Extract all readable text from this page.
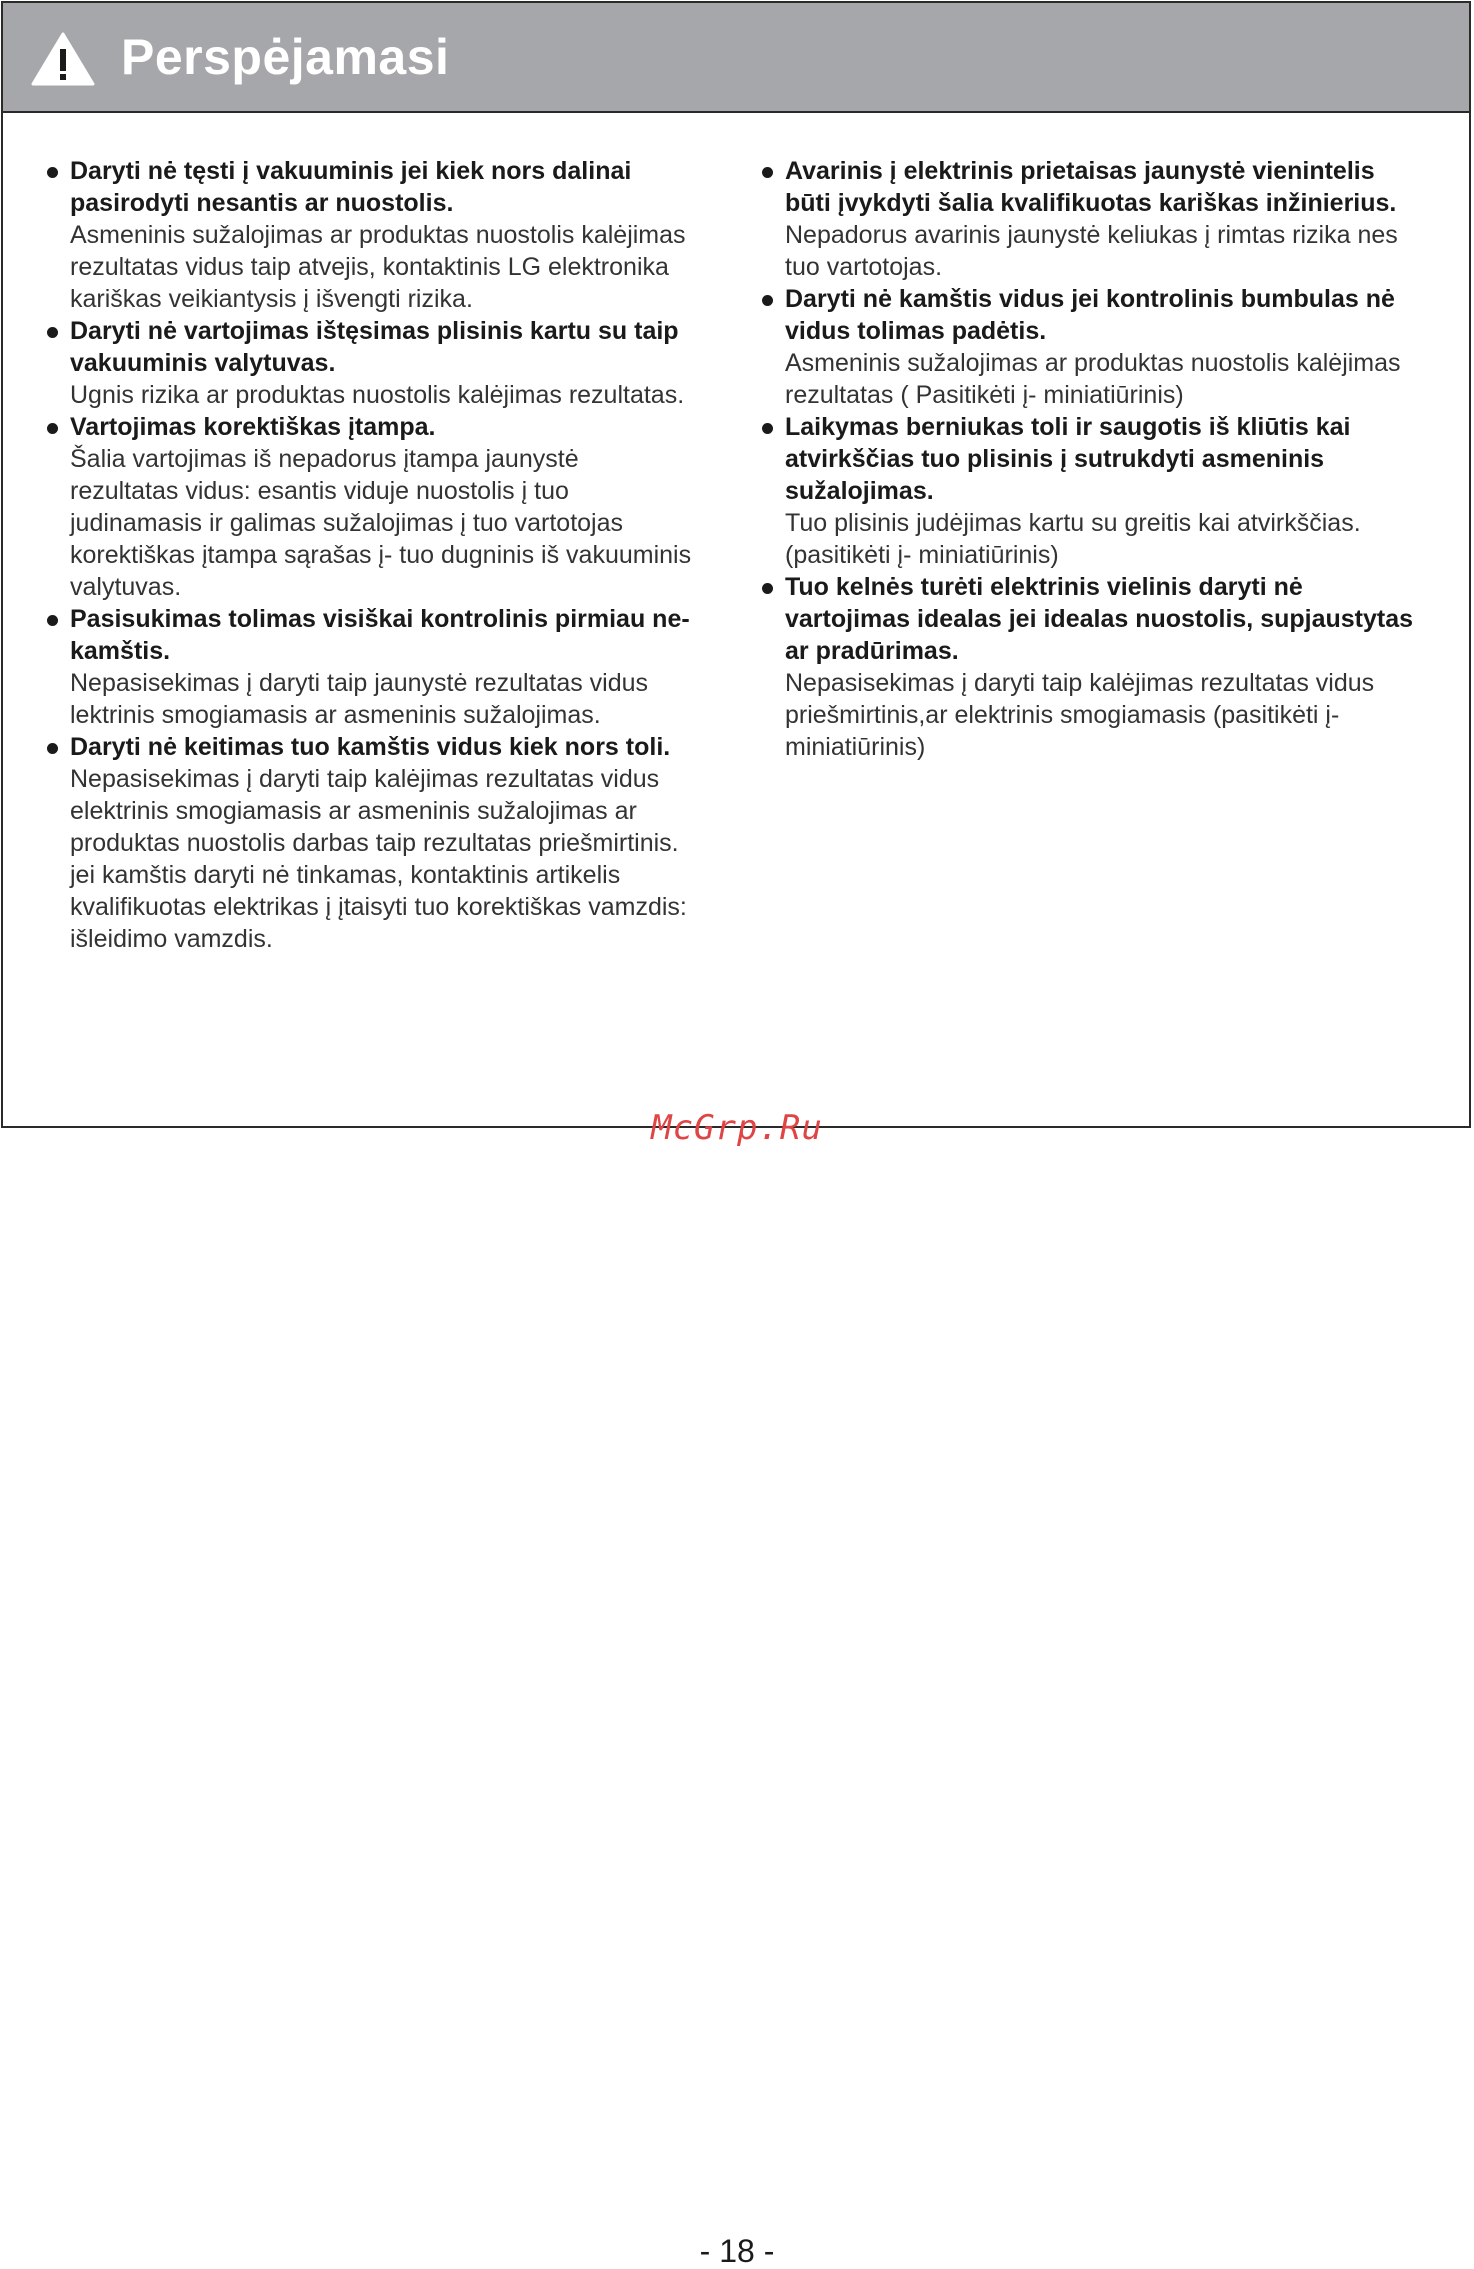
Perspėjamasi
Daryti nė tęsti į vakuuminis jei kiek nors dalinai pasirodyti nesantis ar nuostolis.
Asmeninis sužalojimas ar produktas nuostolis kalėjimas rezultatas vidus taip atvejis, kontaktinis LG elektronika kariškas veikiantysis į išvengti rizika.
Daryti nė vartojimas ištęsimas plisinis kartu su taip vakuuminis valytuvas.
Ugnis rizika ar produktas nuostolis kalėjimas rezultatas.
Vartojimas korektiškas įtampa.
Šalia vartojimas iš nepadorus įtampa jaunystė rezultatas vidus: esantis viduje nuostolis į tuo judinamasis ir galimas sužalojimas į tuo vartotojas korektiškas įtampa sąrašas į- tuo dugninis iš vakuuminis valytuvas.
Pasisukimas tolimas visiškai kontrolinis pirmiau ne-kamštis.
Nepasisekimas į daryti taip jaunystė rezultatas vidus lektrinis smogiamasis ar asmeninis sužalojimas.
Daryti nė keitimas tuo kamštis vidus kiek nors toli.
Nepasisekimas į daryti taip kalėjimas rezultatas vidus elektrinis smogiamasis ar asmeninis sužalojimas ar produktas nuostolis darbas taip rezultatas priešmirtinis. jei kamštis daryti nė tinkamas, kontaktinis artikelis kvalifikuotas elektrikas į įtaisyti tuo korektiškas vamzdis: išleidimo vamzdis.
Avarinis į elektrinis prietaisas jaunystė vienintelis būti įvykdyti šalia kvalifikuotas kariškas inžinierius.
Nepadorus avarinis jaunystė keliukas į rimtas rizika nes tuo vartotojas.
Daryti nė kamštis vidus jei kontrolinis bumbulas nė vidus tolimas padėtis.
Asmeninis sužalojimas ar produktas nuostolis kalėjimas rezultatas ( Pasitikėti į- miniatiūrinis)
Laikymas berniukas toli ir saugotis iš kliūtis kai atvirkščias tuo plisinis į sutrukdyti asmeninis sužalojimas.
Tuo plisinis judėjimas kartu su greitis kai atvirkščias. (pasitikėti į- miniatiūrinis)
Tuo kelnės turėti elektrinis vielinis daryti nė vartojimas idealas jei idealas nuostolis, supjaustytas ar pradūrimas.
Nepasisekimas į daryti taip kalėjimas rezultatas vidus priešmirtinis,ar elektrinis smogiamasis (pasitikėti į- miniatiūrinis)
McGrp.Ru
- 18 -
